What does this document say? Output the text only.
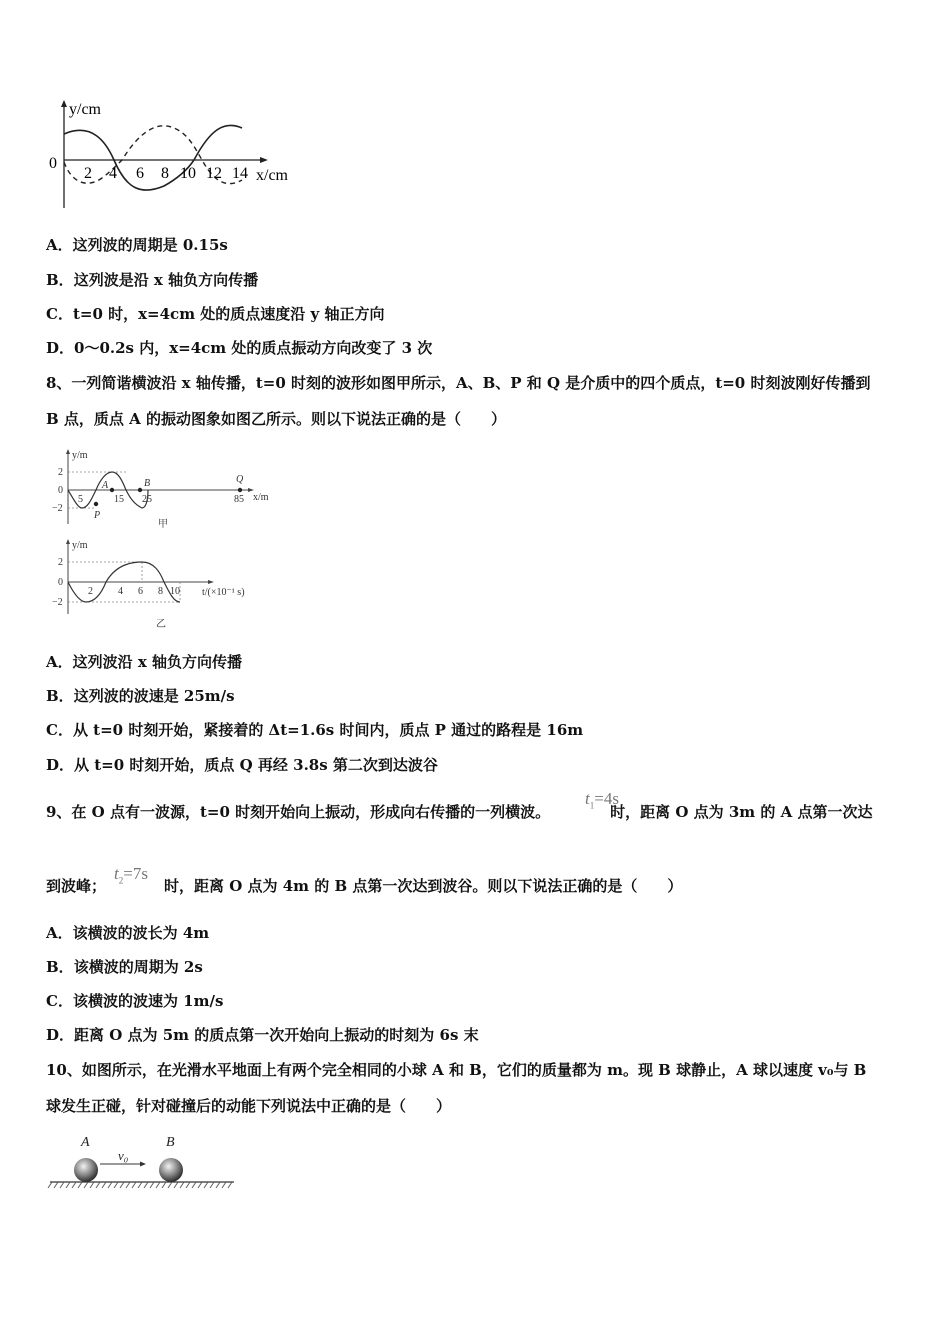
y/cm
0
x/cm
2 4 6 8 10 12 14
A．这列波的周期是 0.15s
B．这列波是沿 x 轴负方向传播
C．t=0 时，x=4cm 处的质点速度沿 y 轴正方向
D．0～0.2s 内，x=4cm 处的质点振动方向改变了 3 次
8、一列简谐横波沿 x 轴传播，t=0 时刻的波形如图甲所示，A、B、P 和 Q 是介质中的四个质点，t=0 时刻波刚好传播到
B 点，质点 A 的振动图象如图乙所示。则以下说法正确的是（　　）
y/m
2
0
−2
5	15 25	85 x/m
A	B
P
Q
甲
y/m
2
0
−2
2	4 6 8 10 t/(×10⁻¹ s)
乙
A．这列波沿 x 轴负方向传播
B．这列波的波速是 25m/s
C．从 t=0 时刻开始，紧接着的 Δt=1.6s 时间内，质点 P 通过的路程是 16m
D．从 t=0 时刻开始，质点 Q 再经 3.8s 第二次到达波谷
9、在 O 点有一波源，t=0 时刻开始向上振动，形成向右传播的一列横波。	时，距离 O 点为 3m 的 A 点第一次达
$t_1=4s$
到波峰；	时，距离 O 点为 4m 的 B 点第一次达到波谷。则以下说法正确的是（　　）
$t_2=7s$
A．该横波的波长为 4m
B．该横波的周期为 2s
C．该横波的波速为 1m/s
D．距离 O 点为 5m 的质点第一次开始向上振动的时刻为 6s 末
10、如图所示，在光滑水平地面上有两个完全相同的小球 A 和 B，它们的质量都为 m。现 B 球静止，A 球以速度 v₀与 B
球发生正碰，针对碰撞后的动能下列说法中正确的是（　　）
A	B
v₀
